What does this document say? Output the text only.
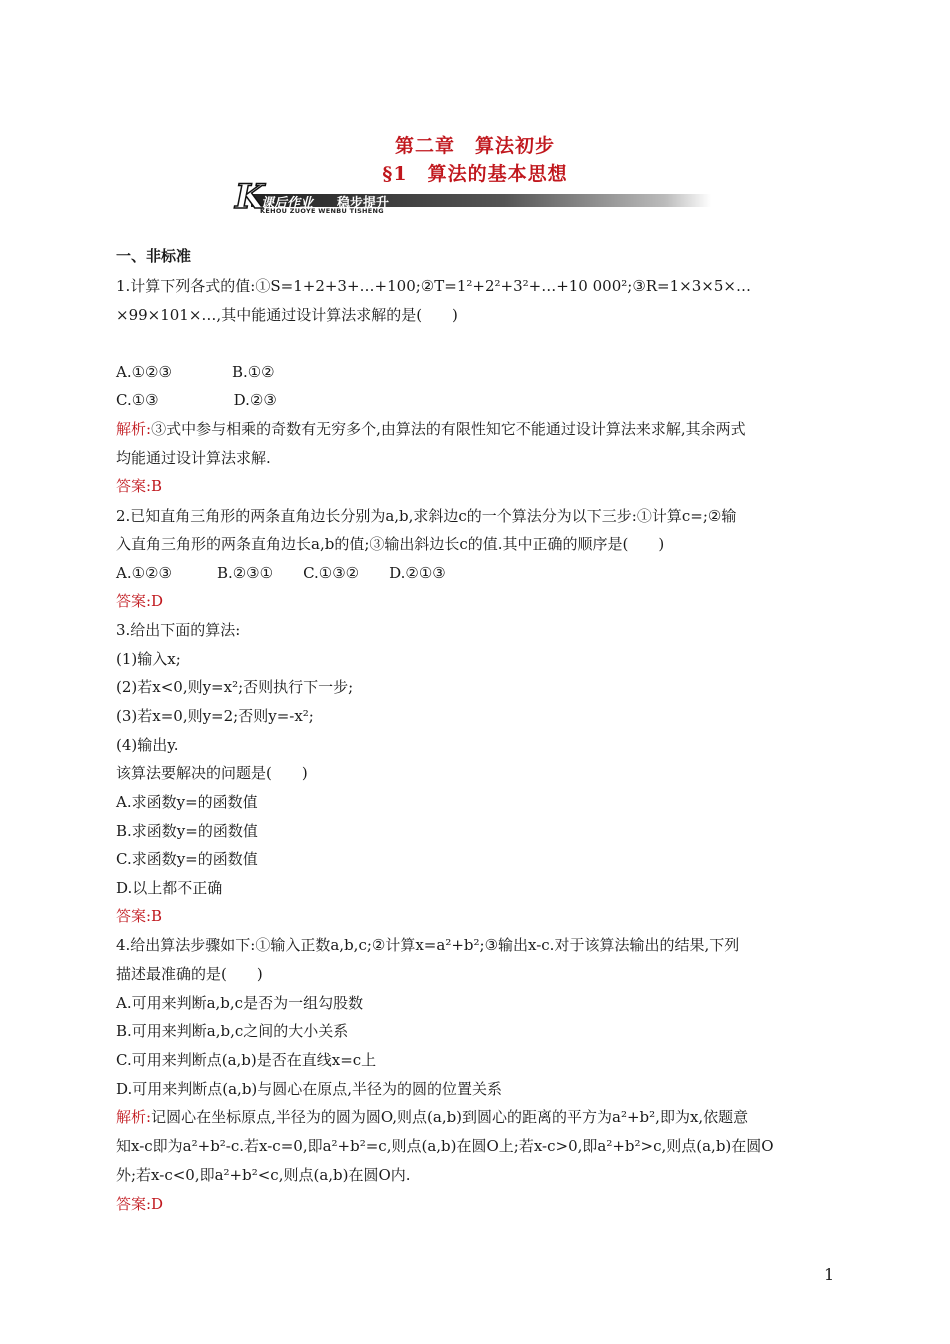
第二章　算法初步
§1　算法的基本思想
K
课后作业 稳步提升
KEHOU ZUOYE WENBU TISHENG
一、非标准
1.计算下列各式的值:①S=1+2+3+…+100;②T=1²+2²+3²+…+10 000²;③R=1×3×5×…
×99×101×…,其中能通过设计算法求解的是(　　)
A.①②③　　　　B.①②
C.①③　　　　　D.②③
解析:③式中参与相乘的奇数有无穷多个,由算法的有限性知它不能通过设计算法来求解,其余两式
均能通过设计算法求解.
答案:B
2.已知直角三角形的两条直角边长分别为a,b,求斜边c的一个算法分为以下三步:①计算c=;②输
入直角三角形的两条直角边长a,b的值;③输出斜边长c的值.其中正确的顺序是(　　)
A.①②③　　　B.②③①　　C.①③②　　D.②①③
答案:D
3.给出下面的算法:
(1)输入x;
(2)若x<0,则y=x²;否则执行下一步;
(3)若x=0,则y=2;否则y=-x²;
(4)输出y.
该算法要解决的问题是(　　)
A.求函数y=的函数值
B.求函数y=的函数值
C.求函数y=的函数值
D.以上都不正确
答案:B
4.给出算法步骤如下:①输入正数a,b,c;②计算x=a²+b²;③输出x-c.对于该算法输出的结果,下列
描述最准确的是(　　)
A.可用来判断a,b,c是否为一组勾股数
B.可用来判断a,b,c之间的大小关系
C.可用来判断点(a,b)是否在直线x=c上
D.可用来判断点(a,b)与圆心在原点,半径为的圆的位置关系
解析:记圆心在坐标原点,半径为的圆为圆O,则点(a,b)到圆心的距离的平方为a²+b²,即为x,依题意
知x-c即为a²+b²-c.若x-c=0,即a²+b²=c,则点(a,b)在圆O上;若x-c>0,即a²+b²>c,则点(a,b)在圆O
外;若x-c<0,即a²+b²<c,则点(a,b)在圆O内.
答案:D
1
